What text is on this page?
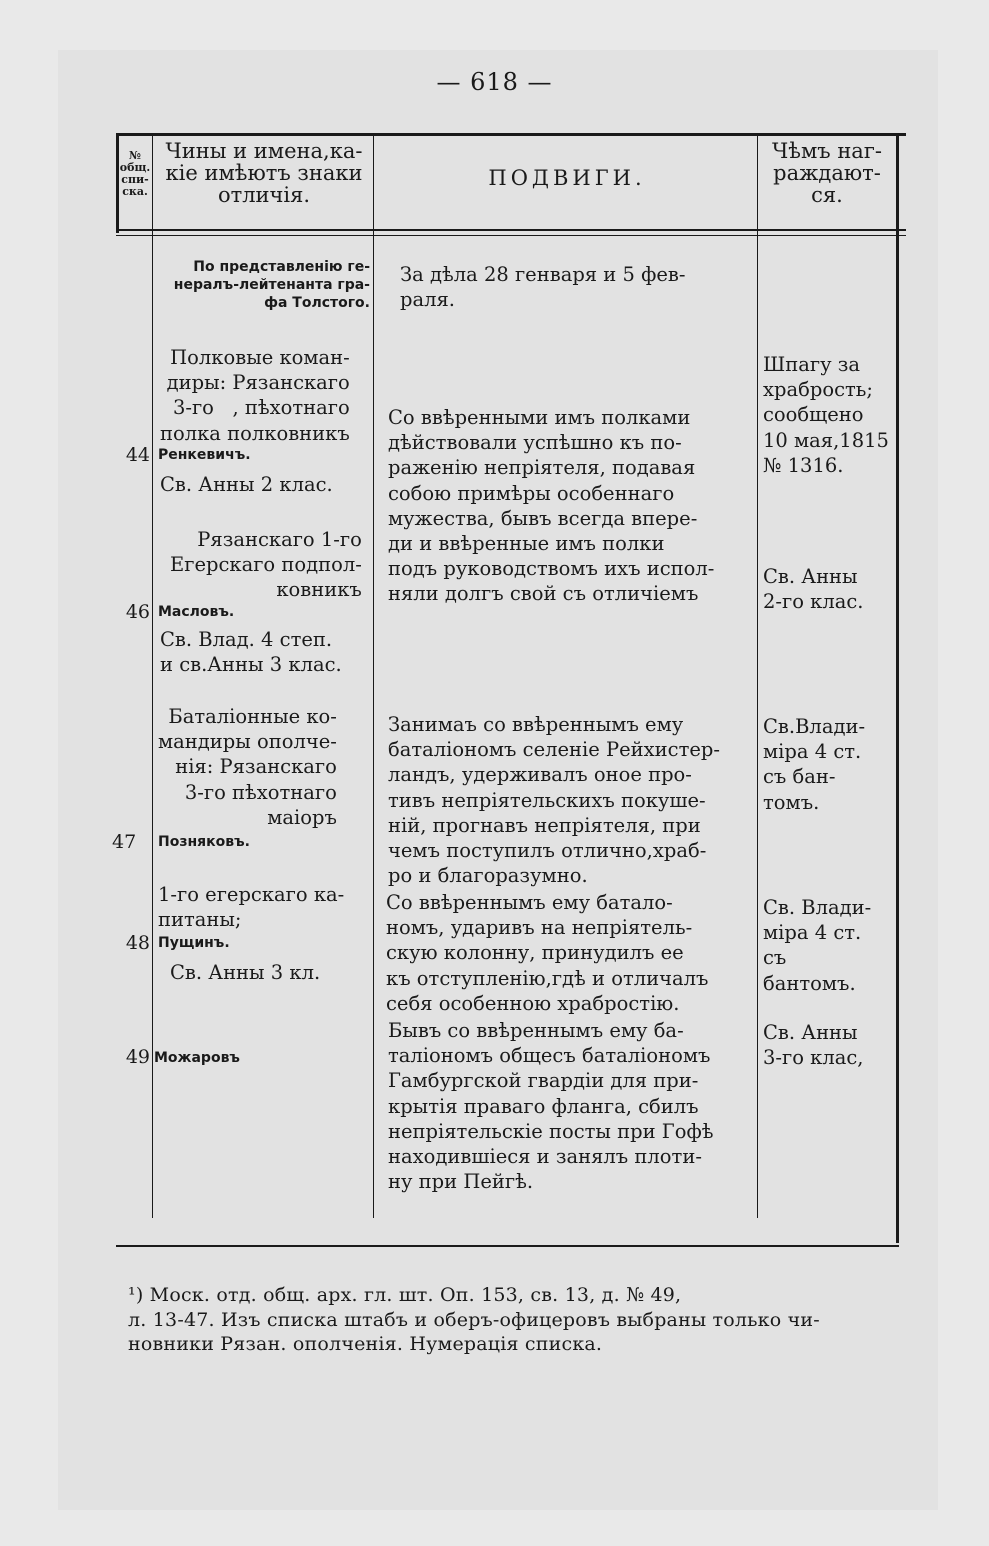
— 618 —
№
общ.
спи-
ска.
Чины и имена,ка-
кіе имѣютъ знаки
отличія.
ПОДВИГИ.
Чѣмъ наг-
раждают-
ся.
По представленію ге-
нералъ-лейтенанта гра-
фа Толстого.
За дѣла 28 генваря и 5 фев-
раля.
Полковые коман-
диры: Рязанскаго
3-го   , пѣхотнаго
полка полковникъ
44 Ренкевичъ.
Св. Анны 2 клас.
Рязанскаго 1-го
Егерскаго подпол-
ковникъ
46 Масловъ.
Св. Влад. 4 степ.
и св.Анны 3 клас.
Со ввѣренными имъ полками
дѣйствовали успѣшно къ по-
раженію непріятеля, подавая
собою примѣры особеннаго
мужества, бывъ всегда впере-
ди и ввѣренные имъ полки
подъ руководствомъ ихъ испол-
няли долгъ свой съ отличіемъ
Шпагу за
храбрость;
сообщено
10 мая,1815
№ 1316.
Св. Анны
2-го клас.
Баталіонные ко-
мандиры ополче-
нія: Рязанскаго
3-го пѣхотнаго
маіоръ
47	Позняковъ.
Занимаъ со ввѣреннымъ ему
баталіономъ селеніе Рейхистер-
ландъ, удерживалъ оное про-
тивъ непріятельскихъ покуше-
ній, прогнавъ непріятеля, при
чемъ поступилъ отлично,храб-
ро и благоразумно.
Св.Влади-
міра 4 ст.
съ бан-
томъ.
1-го егерскаго ка-
питаны;
48 Пущинъ.
Св. Анны 3 кл.
Со ввѣреннымъ ему батало-
номъ, ударивъ на непріятель-
скую колонну, принудилъ ее
къ отступленію,гдѣ и отличалъ
себя особенною храбростію.
Св. Влади-
міра 4 ст.
съ
бантомъ.
49 Можаровъ
Бывъ со ввѣреннымъ ему ба-
таліономъ общесъ баталіономъ
Гамбургской гвардіи для при-
крытія праваго фланга, сбилъ
непріятельскіе посты при Гофѣ
находившіеся и занялъ плоти-
ну при Пейгѣ.
Св. Анны
3-го клас,
¹) Моск. отд. общ. арх. гл. шт. Оп. 153, св. 13, д. № 49,
л. 13-47. Изъ списка штабъ и оберъ-офицеровъ выбраны только чи-
новники Рязан. ополченія. Нумерація списка.
